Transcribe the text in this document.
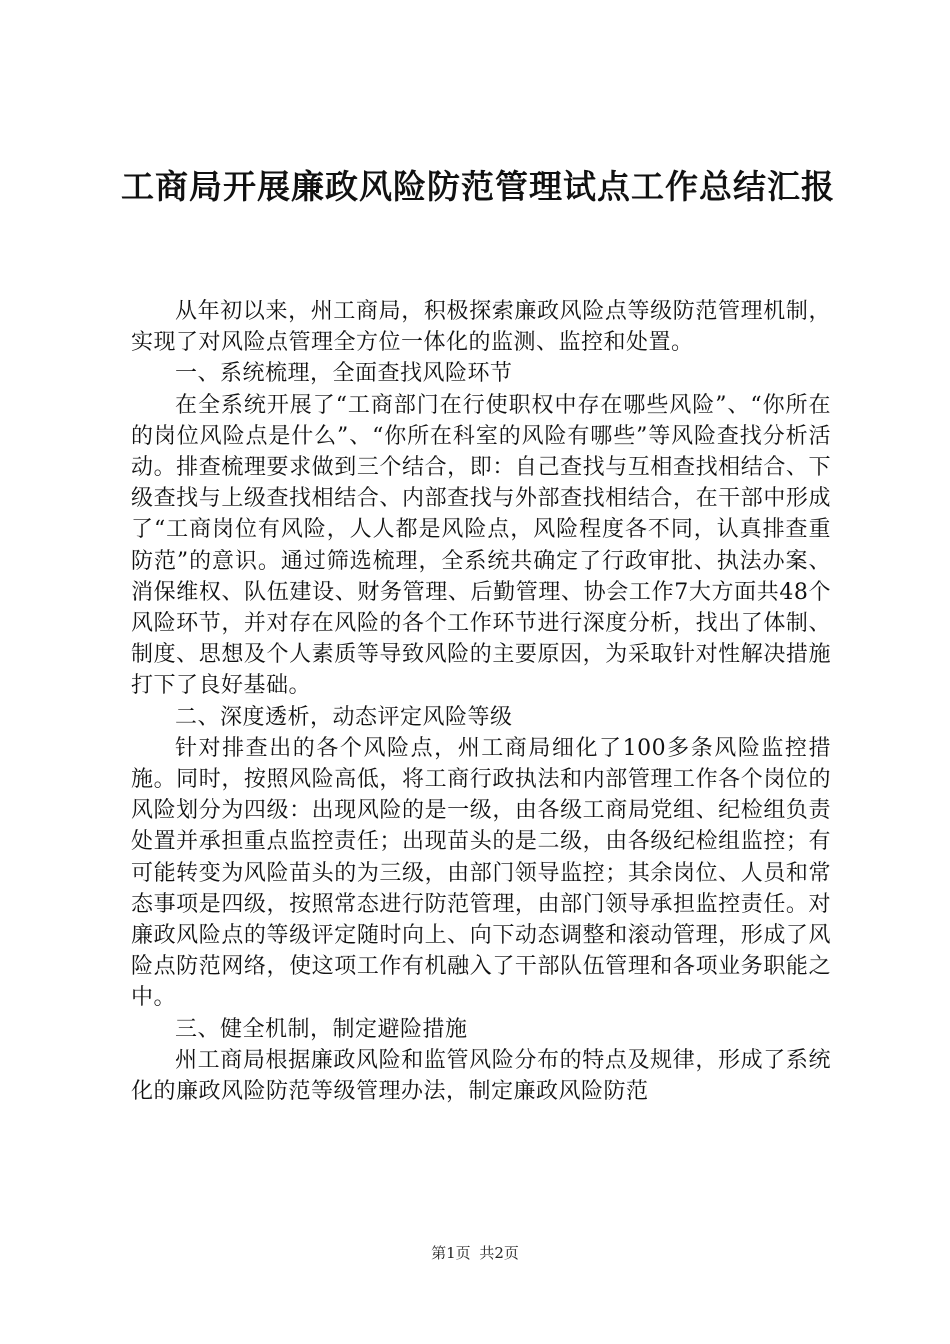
工商局开展廉政风险防范管理试点工作总结汇报

从年初以来，州工商局，积极探索廉政风险点等级防范管理机制，实现了对风险点管理全方位一体化的监测、监控和处置。

一、系统梳理，全面查找风险环节

在全系统开展了“工商部门在行使职权中存在哪些风险”、“你所在的岗位风险点是什么”、“你所在科室的风险有哪些”等风险查找分析活动。排查梳理要求做到三个结合，即：自己查找与互相查找相结合、下级查找与上级查找相结合、内部查找与外部查找相结合，在干部中形成了“工商岗位有风险，人人都是风险点，风险程度各不同，认真排查重防范”的意识。通过筛选梳理，全系统共确定了行政审批、执法办案、消保维权、队伍建设、财务管理、后勤管理、协会工作7大方面共48个风险环节，并对存在风险的各个工作环节进行深度分析，找出了体制、制度、思想及个人素质等导致风险的主要原因，为采取针对性解决措施打下了良好基础。

二、深度透析，动态评定风险等级

针对排查出的各个风险点，州工商局细化了100多条风险监控措施。同时，按照风险高低，将工商行政执法和内部管理工作各个岗位的风险划分为四级：出现风险的是一级，由各级工商局党组、纪检组负责处置并承担重点监控责任；出现苗头的是二级，由各级纪检组监控；有可能转变为风险苗头的为三级，由部门领导监控；其余岗位、人员和常态事项是四级，按照常态进行防范管理，由部门领导承担监控责任。对廉政风险点的等级评定随时向上、向下动态调整和滚动管理，形成了风险点防范网络，使这项工作有机融入了干部队伍管理和各项业务职能之中。

三、健全机制，制定避险措施

州工商局根据廉政风险和监管风险分布的特点及规律，形成了系统化的廉政风险防范等级管理办法，制定廉政风险防范

第1页 共2页
